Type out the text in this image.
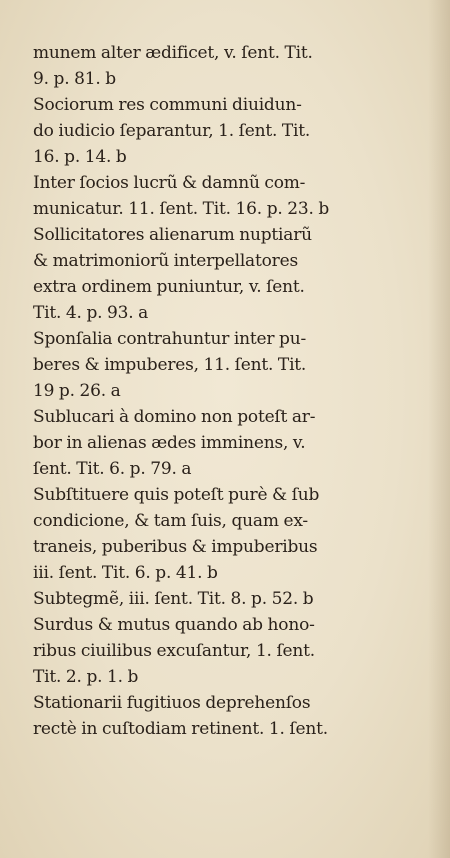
munem alter ædificet, v. ſent. Tit.
9. p. 81. b
Sociorum res communi diuidun-
do iudicio ſeparantur, 1. ſent. Tit.
16. p. 14. b
Inter ſocios lucrũ & damnũ com-
municatur. 11. ſent. Tit. 16. p. 23. b
Sollicitatores alienarum nuptiarũ
& matrimoniorũ interpellatores
extra ordinem puniuntur, v. ſent.
Tit. 4. p. 93. a
Sponſalia contrahuntur inter pu-
beres & impuberes, 11. ſent. Tit.
19 p. 26. a
Sublucari à domino non poteſt ar-
bor in alienas ædes imminens, v.
ſent. Tit. 6. p. 79. a
Subſtituere quis poteſt purè & ſub
condicione, & tam ſuis, quam ex-
traneis, puberibus & impuberibus
iii. ſent. Tit. 6. p. 41. b
Subtegmẽ, iii. ſent. Tit. 8. p. 52. b
Surdus & mutus quando ab hono-
ribus ciuilibus excuſantur, 1. ſent.
Tit. 2. p. 1. b
Stationarii fugitiuos deprehenſos
rectè in cuſtodiam retinent. 1. ſent.
